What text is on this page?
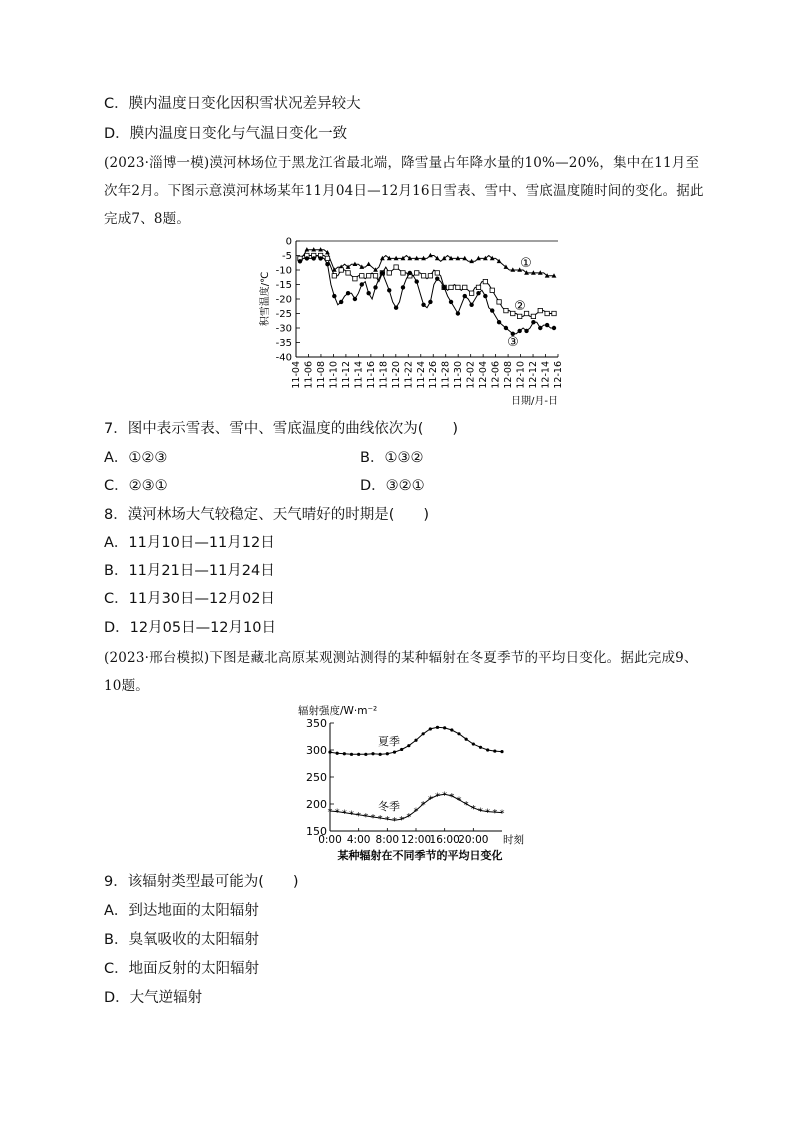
C．膜内温度日变化因积雪状况差异较大
D．膜内温度日变化与气温日变化一致
(2023·淄博一模)漠河林场位于黑龙江省最北端，降雪量占年降水量的10%—20%，集中在11月至
次年2月。下图示意漠河林场某年11月04日—12月16日雪表、雪中、雪底温度随时间的变化。据此
完成7、8题。
0
-5
-10
-15
-20
-25
-30
-35
-40
积雪温度/℃
11-04 11-06 11-08 11-10 11-12 11-14 11-16 11-18 11-20 11-22 11-24 11-26 11-28 11-30 12-02 12-04 12-06 12-08 12-10 12-12 12-14 12-16
日期/月-日
①
②
③
7．图中表示雪表、雪中、雪底温度的曲线依次为(　　)
A．①②③	B．①③②
C．②③①	D．③②①
8．漠河林场大气较稳定、天气晴好的时期是(　　)
A．11月10日—11月12日
B．11月21日—11月24日
C．11月30日—12月02日
D．12月05日—12月10日
(2023·邢台模拟)下图是藏北高原某观测站测得的某种辐射在冬夏季节的平均日变化。据此完成9、
10题。
350
300
250
200
150
辐射强度/W·m⁻²
0:00 4:00 8:00 12:00
16:00
20:00 时刻
某种辐射在不同季节的平均日变化
夏季
* * * * * * * * * * * * *
* * * * * * * * * * * *
冬季
9．该辐射类型最可能为(　　)
A．到达地面的太阳辐射
B．臭氧吸收的太阳辐射
C．地面反射的太阳辐射
D．大气逆辐射
